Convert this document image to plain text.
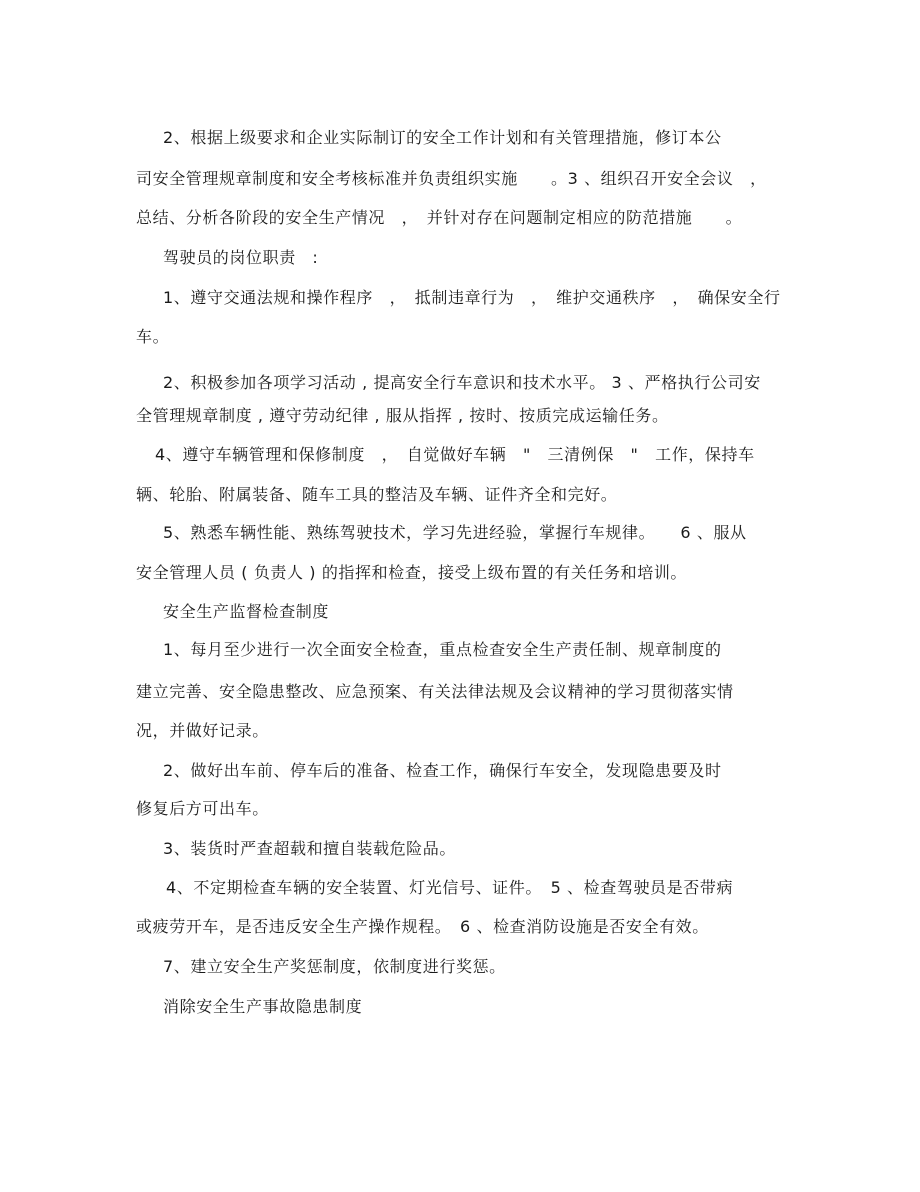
2、根据上级要求和企业实际制订的安全工作计划和有关管理措施，修订本公
司安全管理规章制度和安全考核标准并负责组织实施　　。3 、组织召开安全会议　，
总结、分析各阶段的安全生产情况　，　并针对存在问题制定相应的防范措施　　。
驾驶员的岗位职责　:
1、遵守交通法规和操作程序　，　抵制违章行为　，　维护交通秩序　，　确保安全行
车。
2、积极参加各项学习活动 , 提高安全行车意识和技术水平。 3 、严格执行公司安
全管理规章制度 , 遵守劳动纪律 , 服从指挥 , 按时、按质完成运输任务。
4、遵守车辆管理和保修制度　，　自觉做好车辆　"　三清例保　"　工作，保持车
辆、轮胎、附属装备、随车工具的整洁及车辆、证件齐全和完好。
5、熟悉车辆性能、熟练驾驶技术，学习先进经验，掌握行车规律。　　6 、服从
安全管理人员 ( 负责人 ) 的指挥和检查，接受上级布置的有关任务和培训。
安全生产监督检查制度
1、每月至少进行一次全面安全检查，重点检查安全生产责任制、规章制度的
建立完善、安全隐患整改、应急预案、有关法律法规及会议精神的学习贯彻落实情
况，并做好记录。
2、做好出车前、停车后的准备、检查工作，确保行车安全，发现隐患要及时
修复后方可出车。
3、装货时严查超载和擅自装载危险品。
4、不定期检查车辆的安全装置、灯光信号、证件。　5 、检查驾驶员是否带病
或疲劳开车，是否违反安全生产操作规程。　6 、检查消防设施是否安全有效。
7、建立安全生产奖惩制度，依制度进行奖惩。
消除安全生产事故隐患制度
